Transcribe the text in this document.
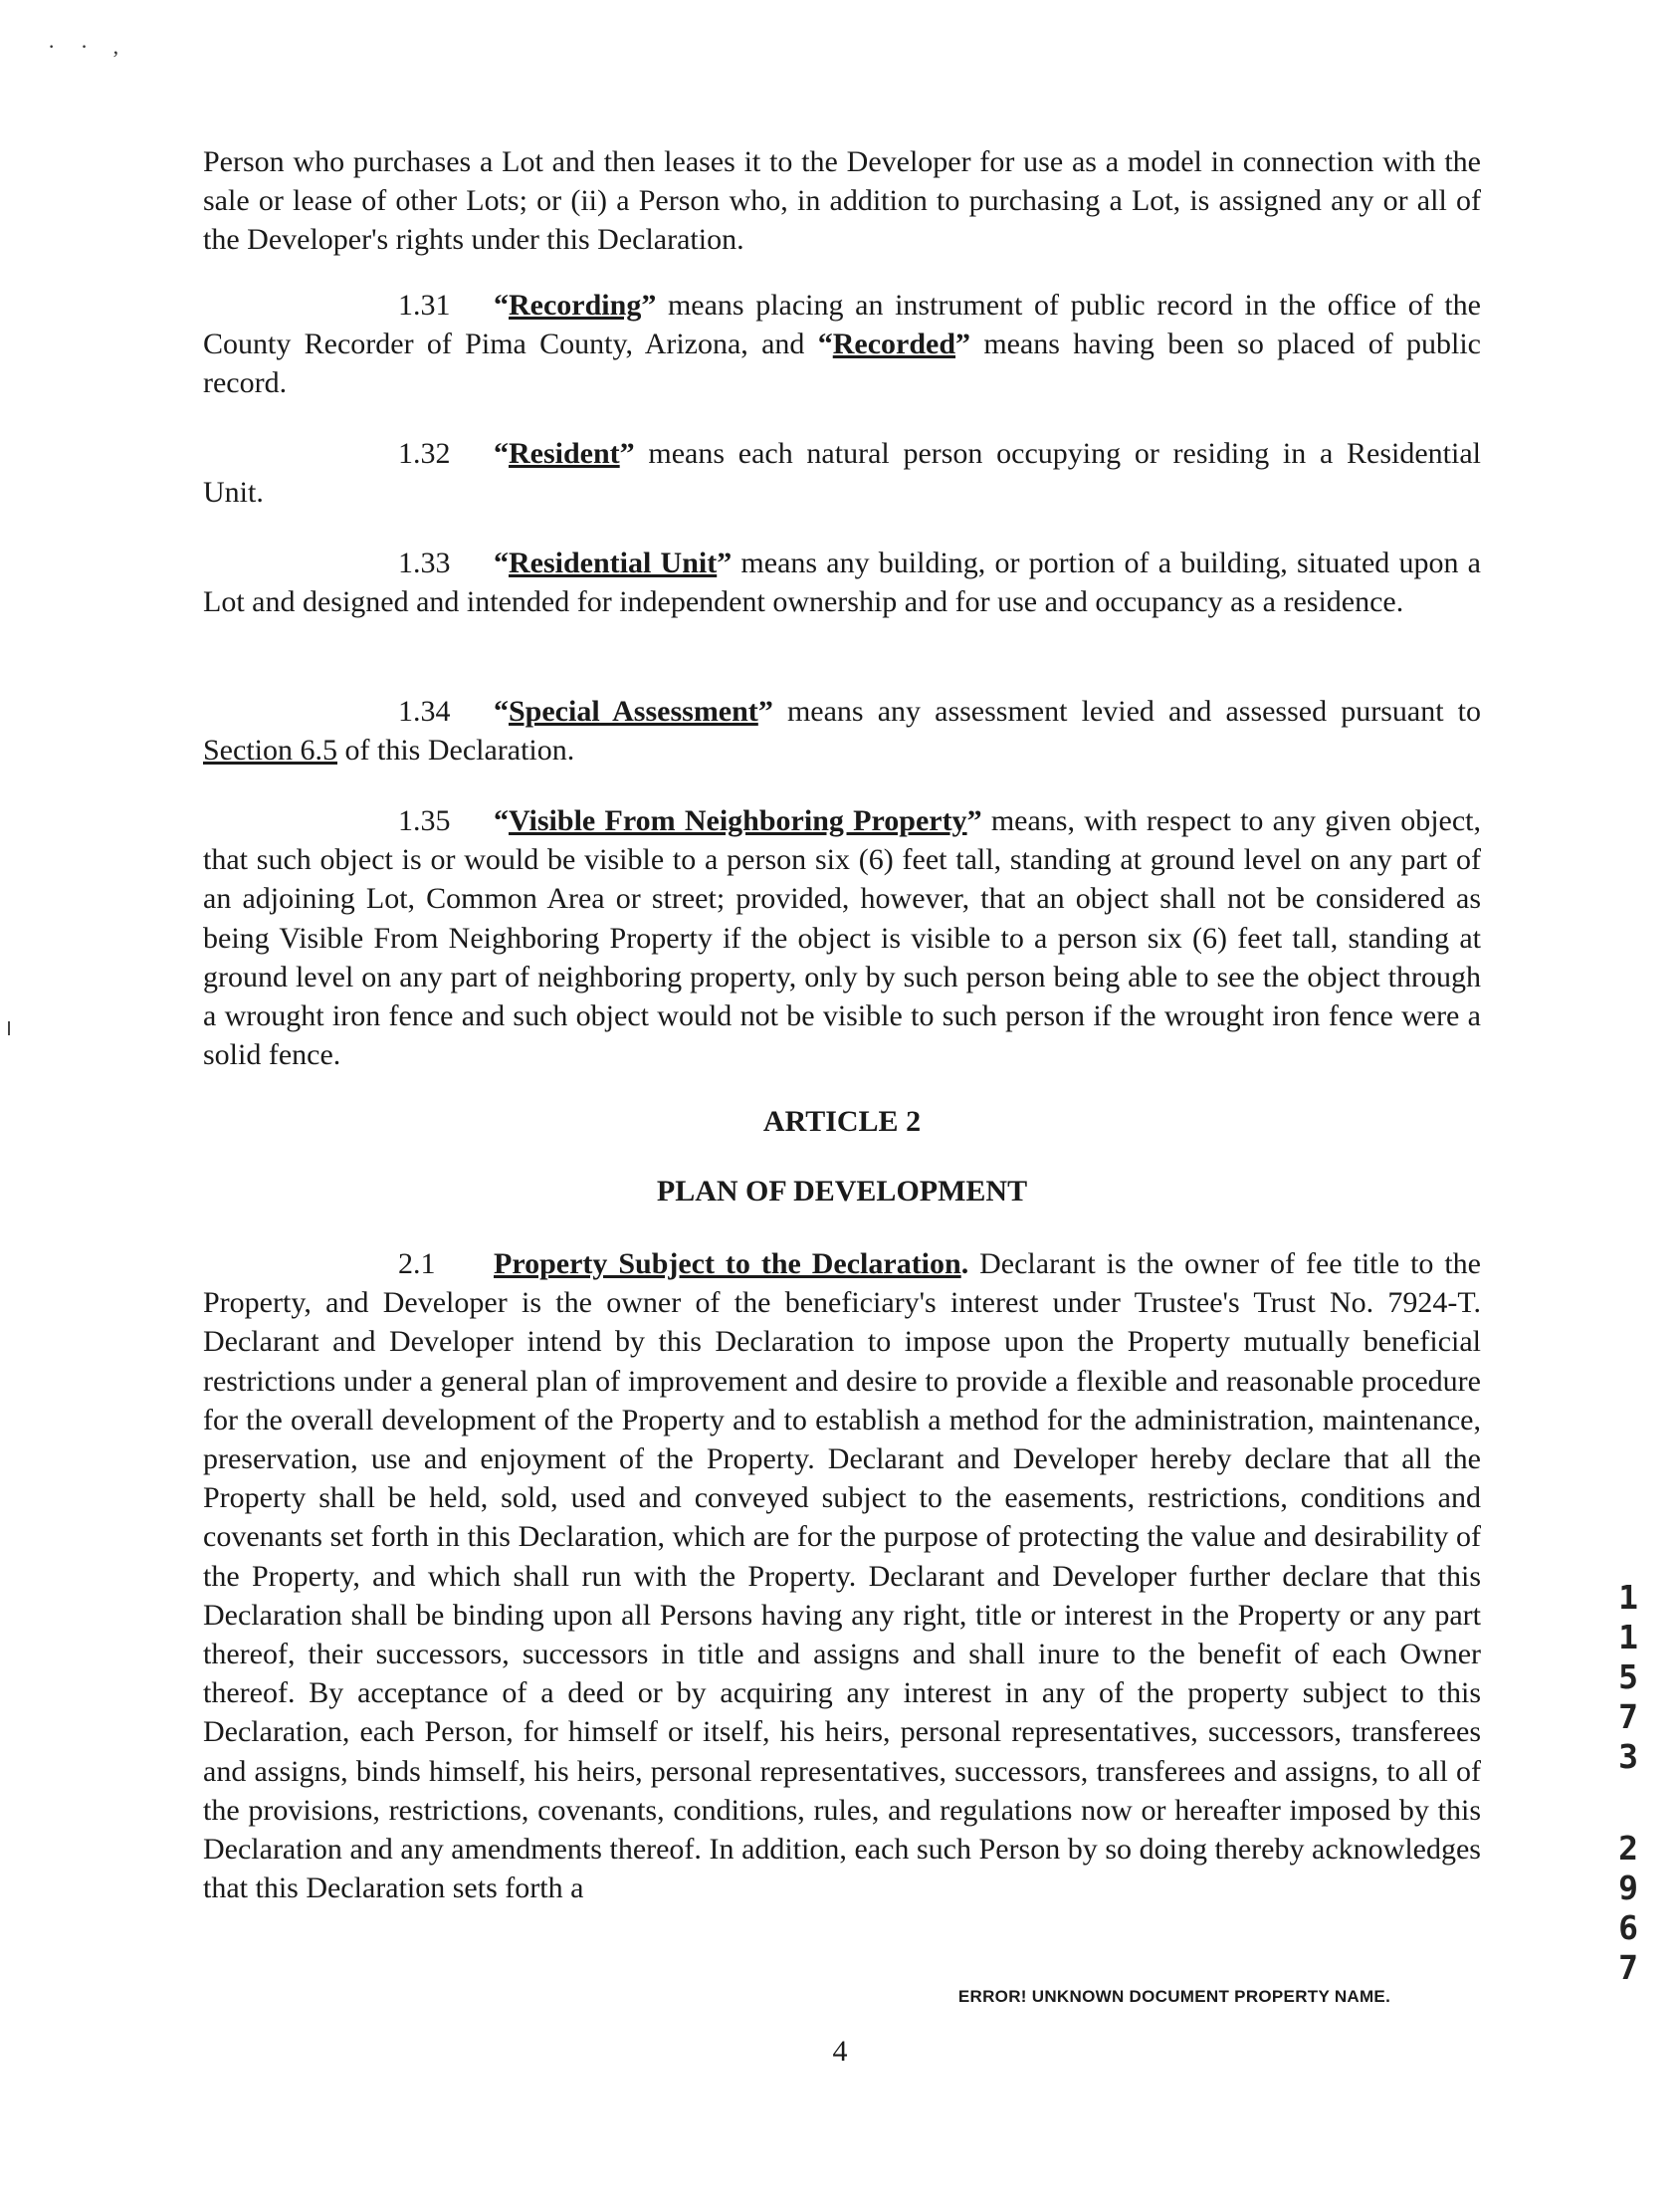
· · ,

Person who purchases a Lot and then leases it to the Developer for use as a model in connection with the sale or lease of other Lots; or (ii) a Person who, in addition to purchasing a Lot, is assigned any or all of the Developer's rights under this Declaration.

1.31 “Recording” means placing an instrument of public record in the office of the County Recorder of Pima County, Arizona, and “Recorded” means having been so placed of public record.

1.32 “Resident” means each natural person occupying or residing in a Residential Unit.

1.33 “Residential Unit” means any building, or portion of a building, situated upon a Lot and designed and intended for independent ownership and for use and occupancy as a residence.

1.34 “Special Assessment” means any assessment levied and assessed pursuant to Section 6.5 of this Declaration.

1.35 “Visible From Neighboring Property” means, with respect to any given object, that such object is or would be visible to a person six (6) feet tall, standing at ground level on any part of an adjoining Lot, Common Area or street; provided, however, that an object shall not be considered as being Visible From Neighboring Property if the object is visible to a person six (6) feet tall, standing at ground level on any part of neighboring property, only by such person being able to see the object through a wrought iron fence and such object would not be visible to such person if the wrought iron fence were a solid fence.

ARTICLE 2

PLAN OF DEVELOPMENT

2.1 Property Subject to the Declaration. Declarant is the owner of fee title to the Property, and Developer is the owner of the beneficiary's interest under Trustee's Trust No. 7924-T. Declarant and Developer intend by this Declaration to impose upon the Property mutually beneficial restrictions under a general plan of improvement and desire to provide a flexible and reasonable procedure for the overall development of the Property and to establish a method for the administration, maintenance, preservation, use and enjoyment of the Property. Declarant and Developer hereby declare that all the Property shall be held, sold, used and conveyed subject to the easements, restrictions, conditions and covenants set forth in this Declaration, which are for the purpose of protecting the value and desirability of the Property, and which shall run with the Property. Declarant and Developer further declare that this Declaration shall be binding upon all Persons having any right, title or interest in the Property or any part thereof, their successors, successors in title and assigns and shall inure to the benefit of each Owner thereof. By acceptance of a deed or by acquiring any interest in any of the property subject to this Declaration, each Person, for himself or itself, his heirs, personal representatives, successors, transferees and assigns, binds himself, his heirs, personal representatives, successors, transferees and assigns, to all of the provisions, restrictions, covenants, conditions, rules, and regulations now or hereafter imposed by this Declaration and any amendments thereof. In addition, each such Person by so doing thereby acknowledges that this Declaration sets forth a

ERROR! UNKNOWN DOCUMENT PROPERTY NAME.
4
1
1
5
7
3
2
9
6
7
